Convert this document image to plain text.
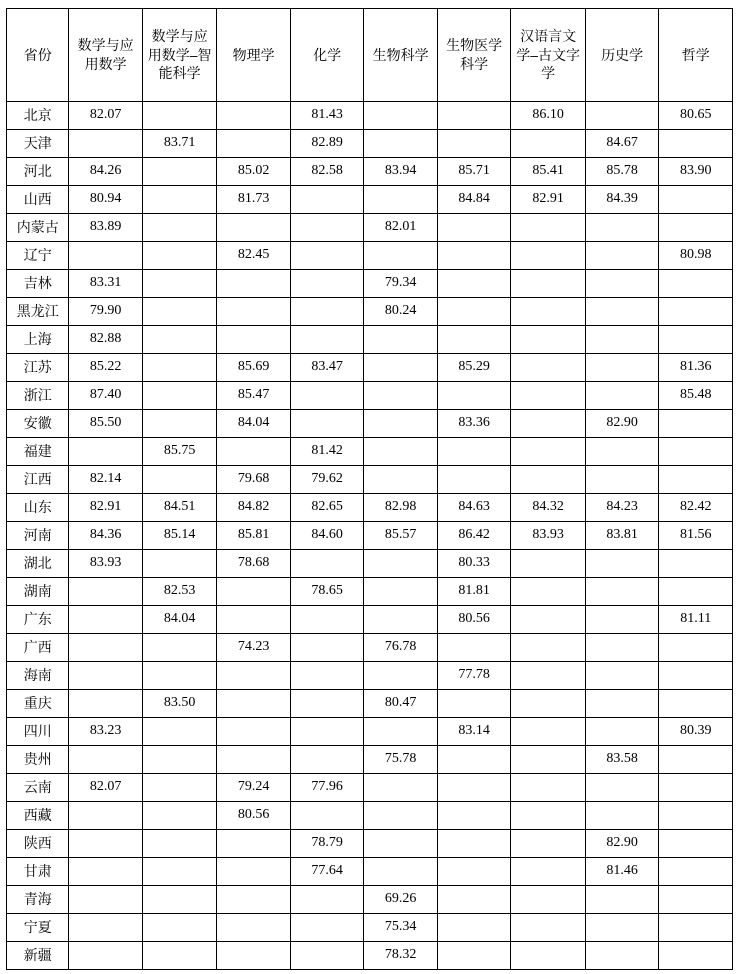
省份	数学与应用数学	数学与应用数学–智能科学	物理学	化学	生物科学	生物医学科学	汉语言文学–古文字学	历史学	哲学
北京	82.07			81.43			86.10		80.65
天津		83.71		82.89				84.67	
河北	84.26		85.02	82.58	83.94	85.71	85.41	85.78	83.90
山西	80.94		81.73			84.84	82.91	84.39	
内蒙古	83.89				82.01				
辽宁			82.45						80.98
吉林	83.31				79.34				
黑龙江	79.90				80.24				
上海	82.88								
江苏	85.22		85.69	83.47		85.29			81.36
浙江	87.40		85.47						85.48
安徽	85.50		84.04			83.36		82.90	
福建		85.75		81.42					
江西	82.14		79.68	79.62					
山东	82.91	84.51	84.82	82.65	82.98	84.63	84.32	84.23	82.42
河南	84.36	85.14	85.81	84.60	85.57	86.42	83.93	83.81	81.56
湖北	83.93		78.68			80.33			
湖南		82.53		78.65		81.81			
广东		84.04				80.56			81.11
广西			74.23		76.78				
海南						77.78			
重庆		83.50			80.47				
四川	83.23					83.14			80.39
贵州					75.78			83.58	
云南	82.07		79.24	77.96					
西藏			80.56						
陕西				78.79				82.90	
甘肃				77.64				81.46	
青海					69.26				
宁夏					75.34				
新疆					78.32				
